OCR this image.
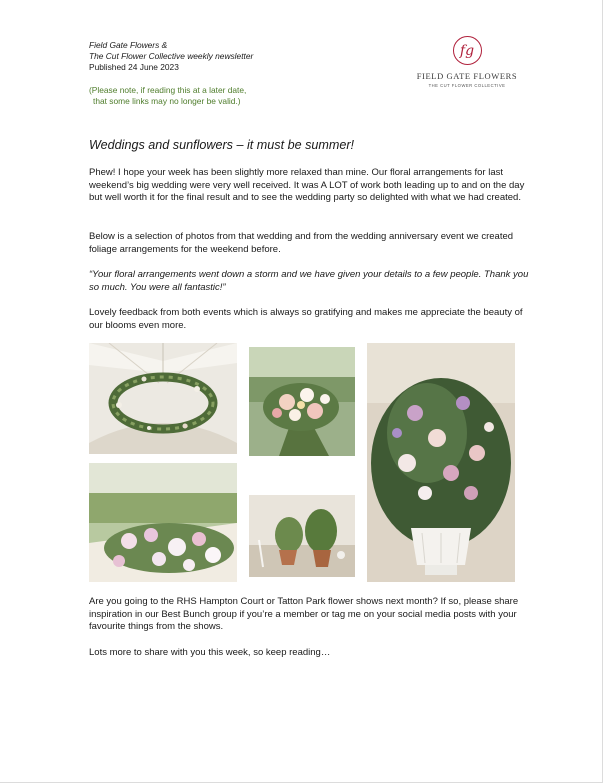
Field Gate Flowers &
The Cut Flower Collective weekly newsletter
Published 24 June 2023
(Please note, if reading this at a later date,
that some links may no longer be valid.)
fg
FIELD GATE FLOWERS
THE CUT FLOWER COLLECTIVE
Weddings and sunflowers – it must be summer!

Phew! I hope your week has been slightly more relaxed than mine. Our floral arrangements for last weekend’s big wedding were very well received. It was A LOT of work both leading up to and on the day but well worth it for the final result and to see the wedding party so delighted with what we had created.

Below is a selection of photos from that wedding and from the wedding anniversary event we created foliage arrangements for the weekend before.

“Your floral arrangements went down a storm and we have given your details to a few people. Thank you so much. You were all fantastic!”

Lovely feedback from both events which is always so gratifying and makes me appreciate the beauty of our blooms even more.

Are you going to the RHS Hampton Court or Tatton Park flower shows next month? If so, please share inspiration in our Best Bunch group if you’re a member or tag me on your social media posts with your favourite things from the shows.

Lots more to share with you this week, so keep reading…
